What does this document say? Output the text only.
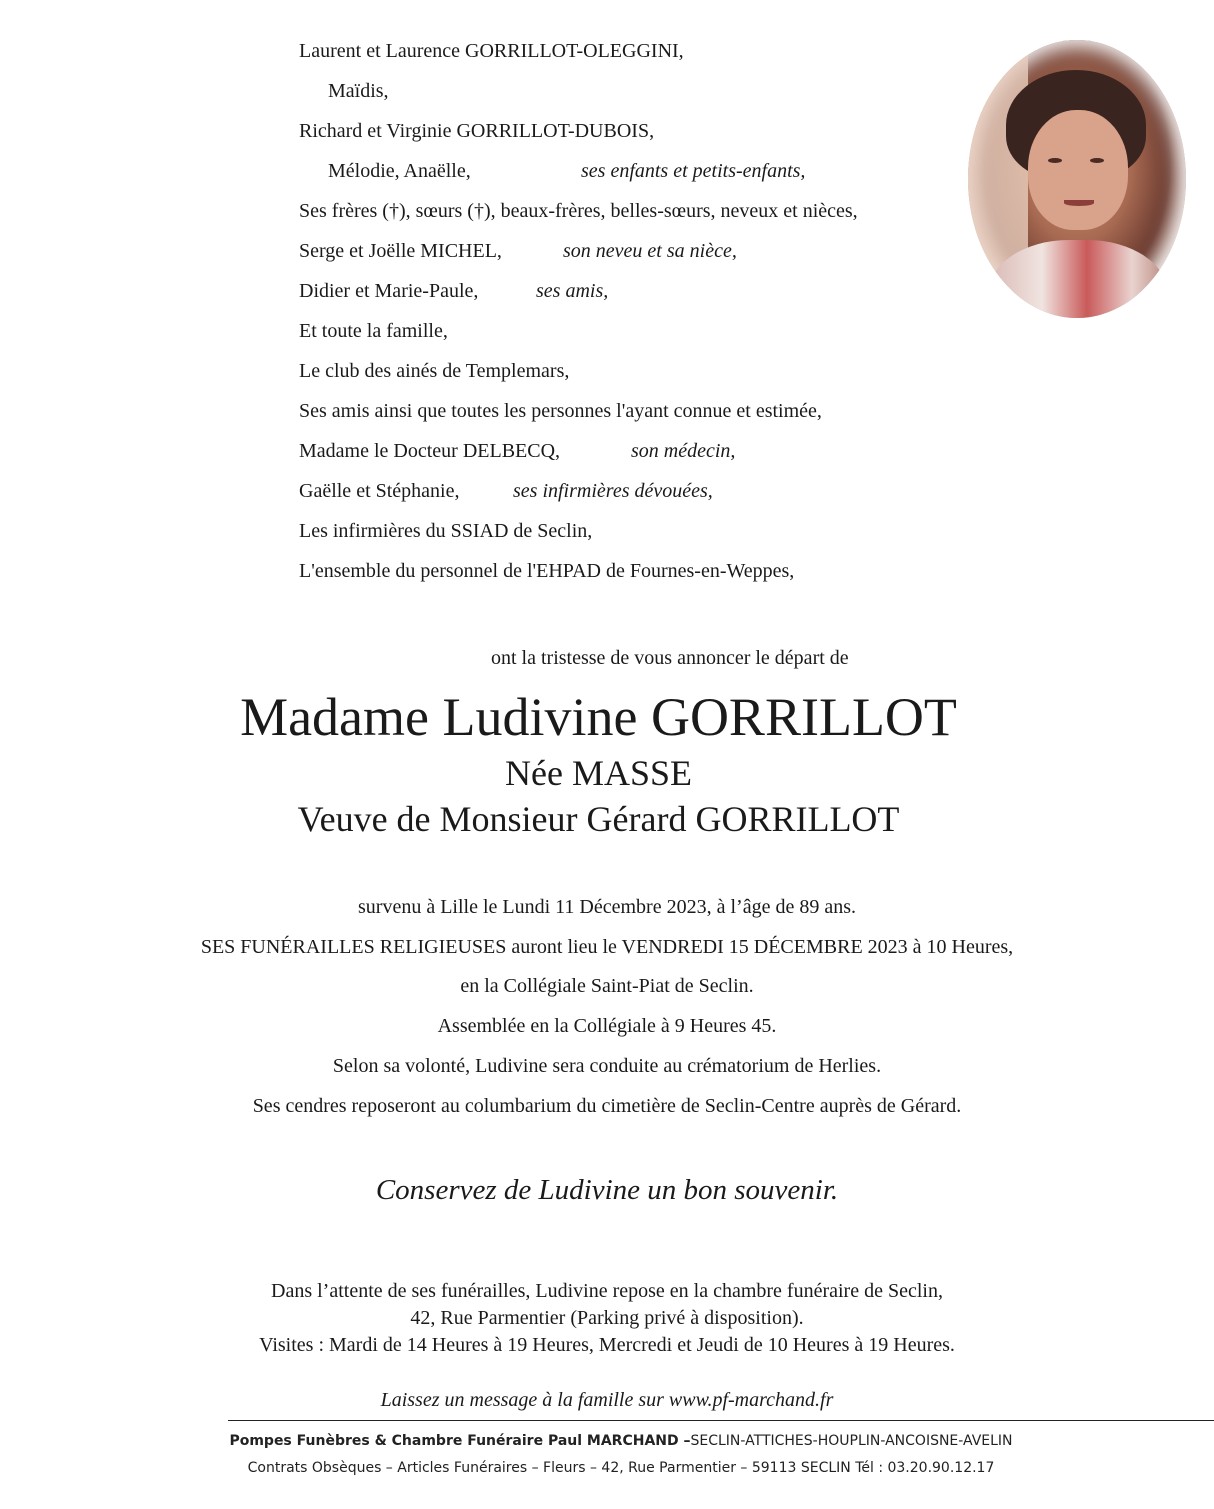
Laurent et Laurence GORRILLOT-OLEGGINI,
Maïdis,
Richard et Virginie GORRILLOT-DUBOIS,
Mélodie, Anaëlle,	ses enfants et petits-enfants,
Ses frères (†), sœurs (†), beaux-frères, belles-sœurs, neveux et nièces,
Serge et Joëlle MICHEL,	son neveu et sa nièce,
Didier et Marie-Paule,	ses amis,
Et toute la famille,
Le club des ainés de Templemars,
Ses amis ainsi que toutes les personnes l'ayant connue et estimée,
Madame le Docteur DELBECQ,	son médecin,
Gaëlle et Stéphanie,	ses infirmières dévouées,
Les infirmières du SSIAD de Seclin,
L'ensemble du personnel de l'EHPAD de Fournes-en-Weppes,
ont la tristesse de vous annoncer le départ de
Madame Ludivine GORRILLOT
Née MASSE
Veuve de Monsieur Gérard GORRILLOT
survenu à Lille le Lundi 11 Décembre 2023, à l’âge de 89 ans.
SES FUNÉRAILLES RELIGIEUSES auront lieu le VENDREDI 15 DÉCEMBRE 2023 à 10 Heures,
en la Collégiale Saint-Piat de Seclin.
Assemblée en la Collégiale à 9 Heures 45.
Selon sa volonté, Ludivine sera conduite au crématorium de Herlies.
Ses cendres reposeront au columbarium du cimetière de Seclin-Centre auprès de Gérard.
Conservez de Ludivine un bon souvenir.
Dans l’attente de ses funérailles, Ludivine repose en la chambre funéraire de Seclin,
42, Rue Parmentier (Parking privé à disposition).
Visites : Mardi de 14 Heures à 19 Heures, Mercredi et Jeudi de 10 Heures à 19 Heures.
Laissez un message à la famille sur www.pf-marchand.fr
Pompes Funèbres & Chambre Funéraire Paul MARCHAND –SECLIN-ATTICHES-HOUPLIN-ANCOISNE-AVELIN
Contrats Obsèques – Articles Funéraires – Fleurs – 42, Rue Parmentier – 59113 SECLIN Tél : 03.20.90.12.17
